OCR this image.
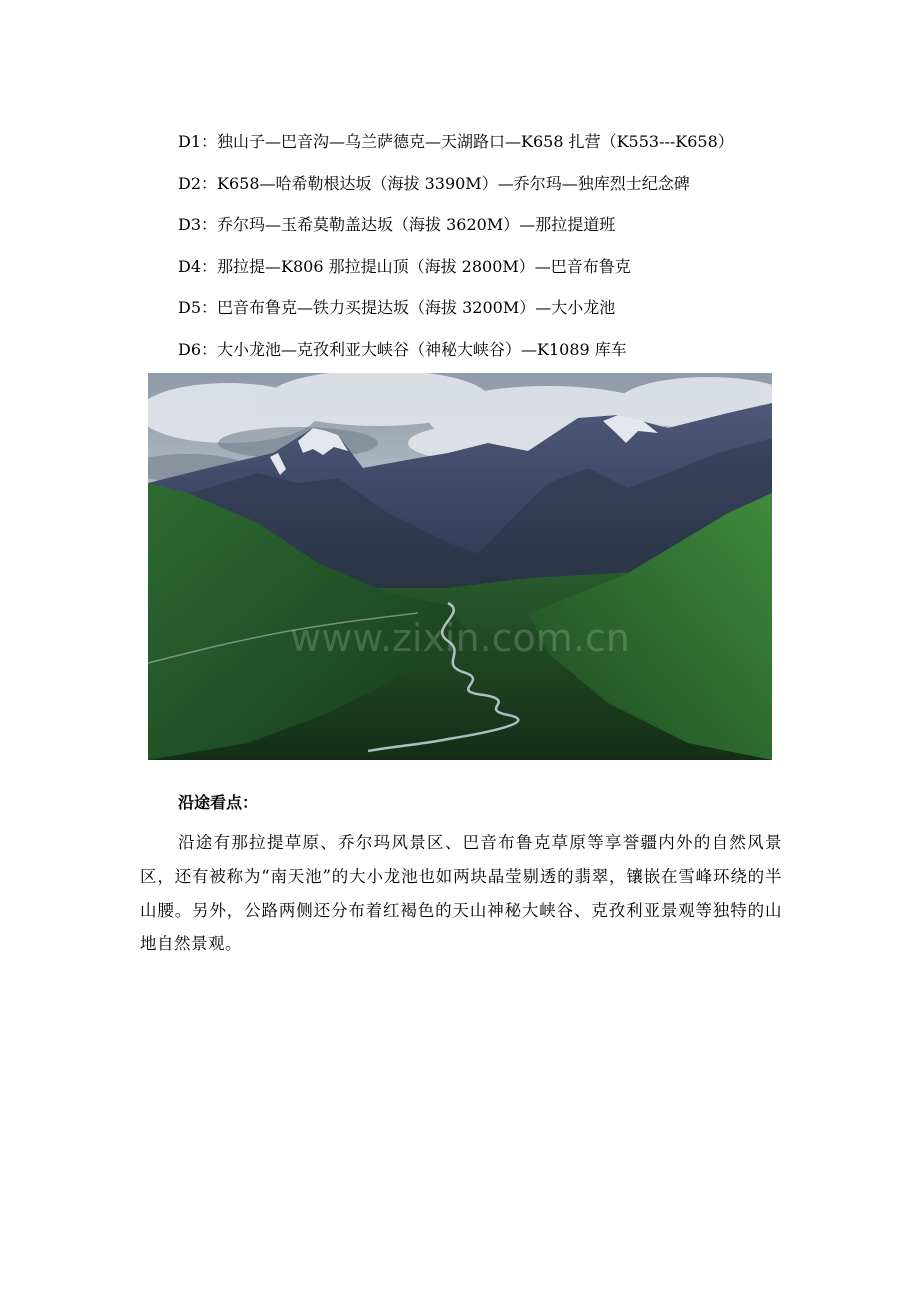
D1：独山子—巴音沟—乌兰萨德克—天湖路口—K658 扎营（K553---K658）
D2：K658—哈希勒根达坂（海拔 3390M）—乔尔玛—独库烈士纪念碑
D3：乔尔玛—玉希莫勒盖达坂（海拔 3620M）—那拉提道班
D4：那拉提—K806 那拉提山顶（海拔 2800M）—巴音布鲁克
D5：巴音布鲁克—铁力买提达坂（海拔 3200M）—大小龙池
D6：大小龙池—克孜利亚大峡谷（神秘大峡谷）—K1089 库车
www.zixin.com.cn
沿途看点：
沿途有那拉提草原、乔尔玛风景区、巴音布鲁克草原等享誉疆内外的自然风景区，还有被称为“南天池”的大小龙池也如两块晶莹剔透的翡翠，镶嵌在雪峰环绕的半山腰。另外，公路两侧还分布着红褐色的天山神秘大峡谷、克孜利亚景观等独特的山地自然景观。
